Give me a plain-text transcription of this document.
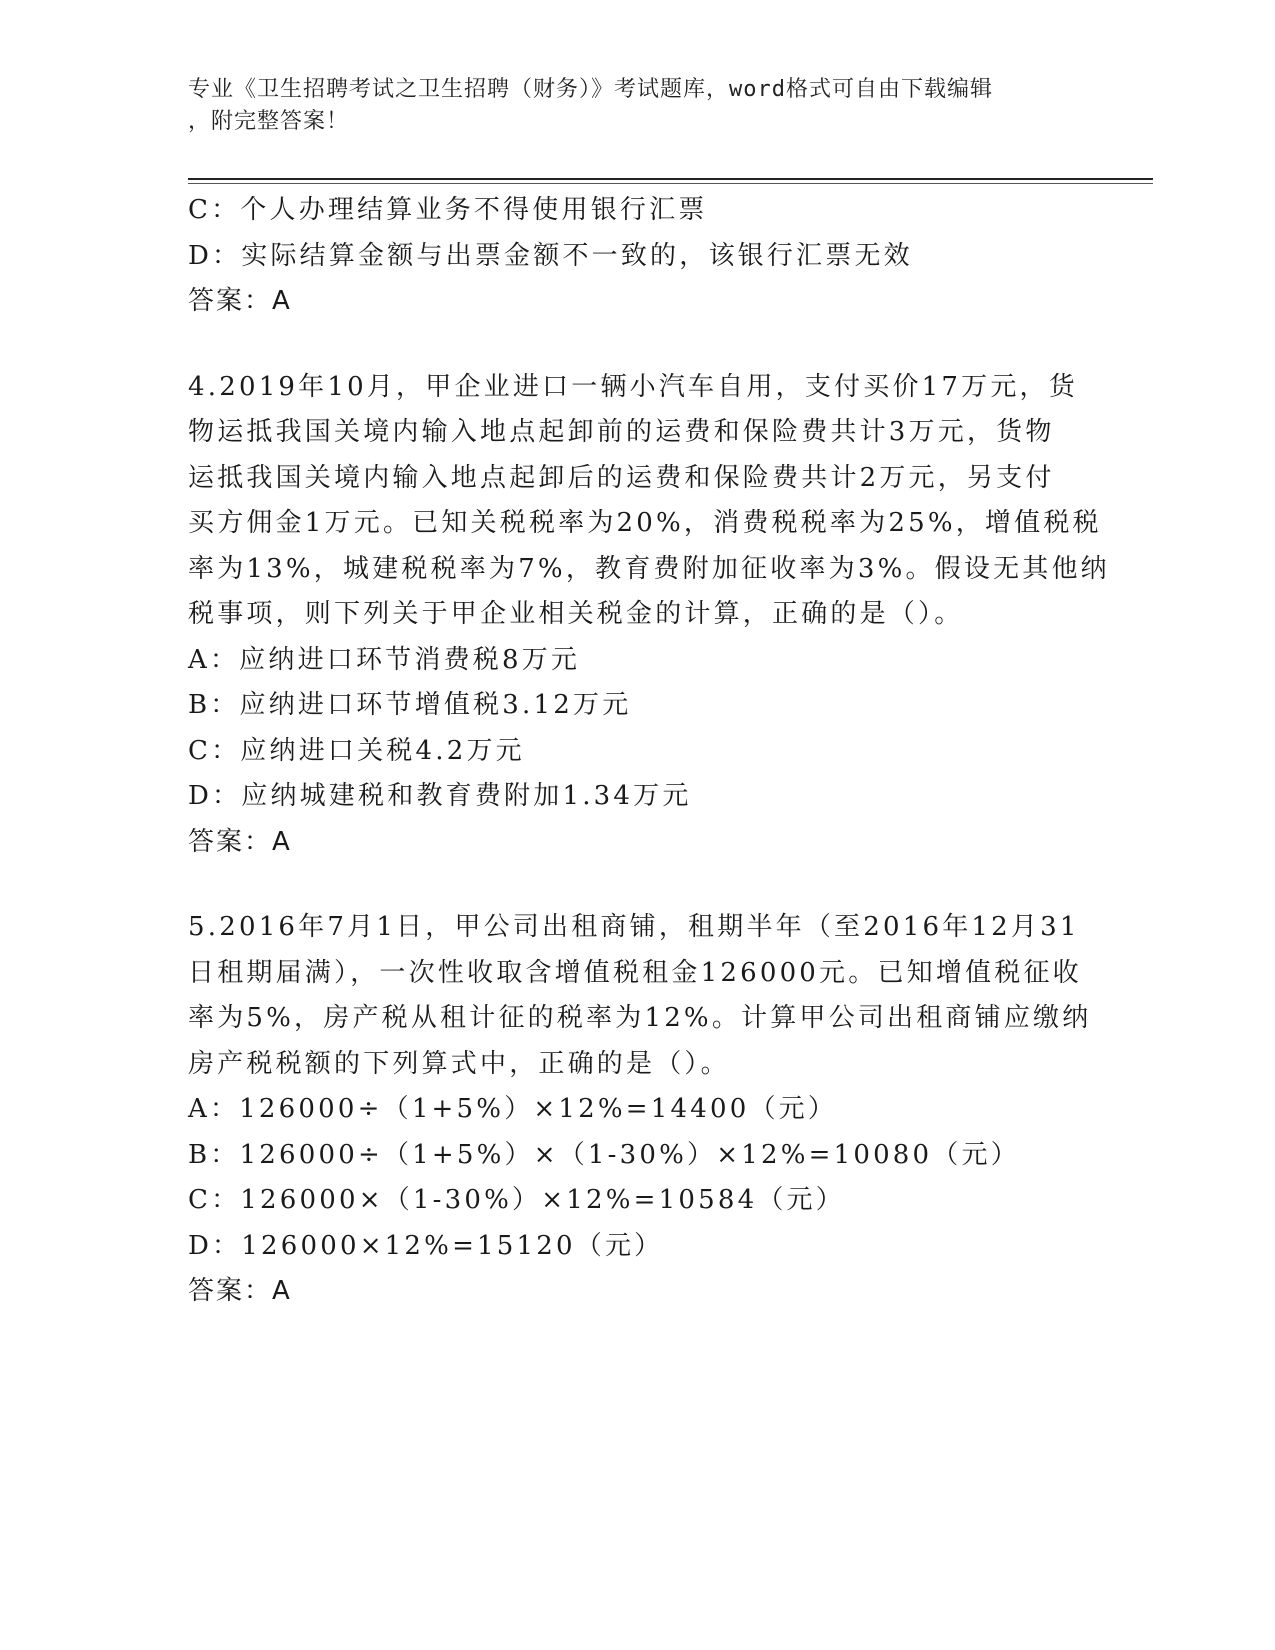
专业《卫生招聘考试之卫生招聘（财务）》考试题库，word格式可自由下载编辑
，附完整答案！
C：个人办理结算业务不得使用银行汇票
D：实际结算金额与出票金额不一致的，该银行汇票无效
答案：A
4.2019年10月，甲企业进口一辆小汽车自用，支付买价17万元，货
物运抵我国关境内输入地点起卸前的运费和保险费共计3万元，货物
运抵我国关境内输入地点起卸后的运费和保险费共计2万元，另支付
买方佣金1万元。已知关税税率为20%，消费税税率为25%，增值税税
率为13%，城建税税率为7%，教育费附加征收率为3%。假设无其他纳
税事项，则下列关于甲企业相关税金的计算，正确的是（）。
A：应纳进口环节消费税8万元
B：应纳进口环节增值税3.12万元
C：应纳进口关税4.2万元
D：应纳城建税和教育费附加1.34万元
答案：A
5.2016年7月1日，甲公司出租商铺，租期半年（至2016年12月31
日租期届满），一次性收取含增值税租金126000元。已知增值税征收
率为5%，房产税从租计征的税率为12%。计算甲公司出租商铺应缴纳
房产税税额的下列算式中，正确的是（）。
A：126000÷（1+5%）×12%=14400（元）
B：126000÷（1+5%）×（1-30%）×12%=10080（元）
C：126000×（1-30%）×12%=10584（元）
D：126000×12%=15120（元）
答案：A
